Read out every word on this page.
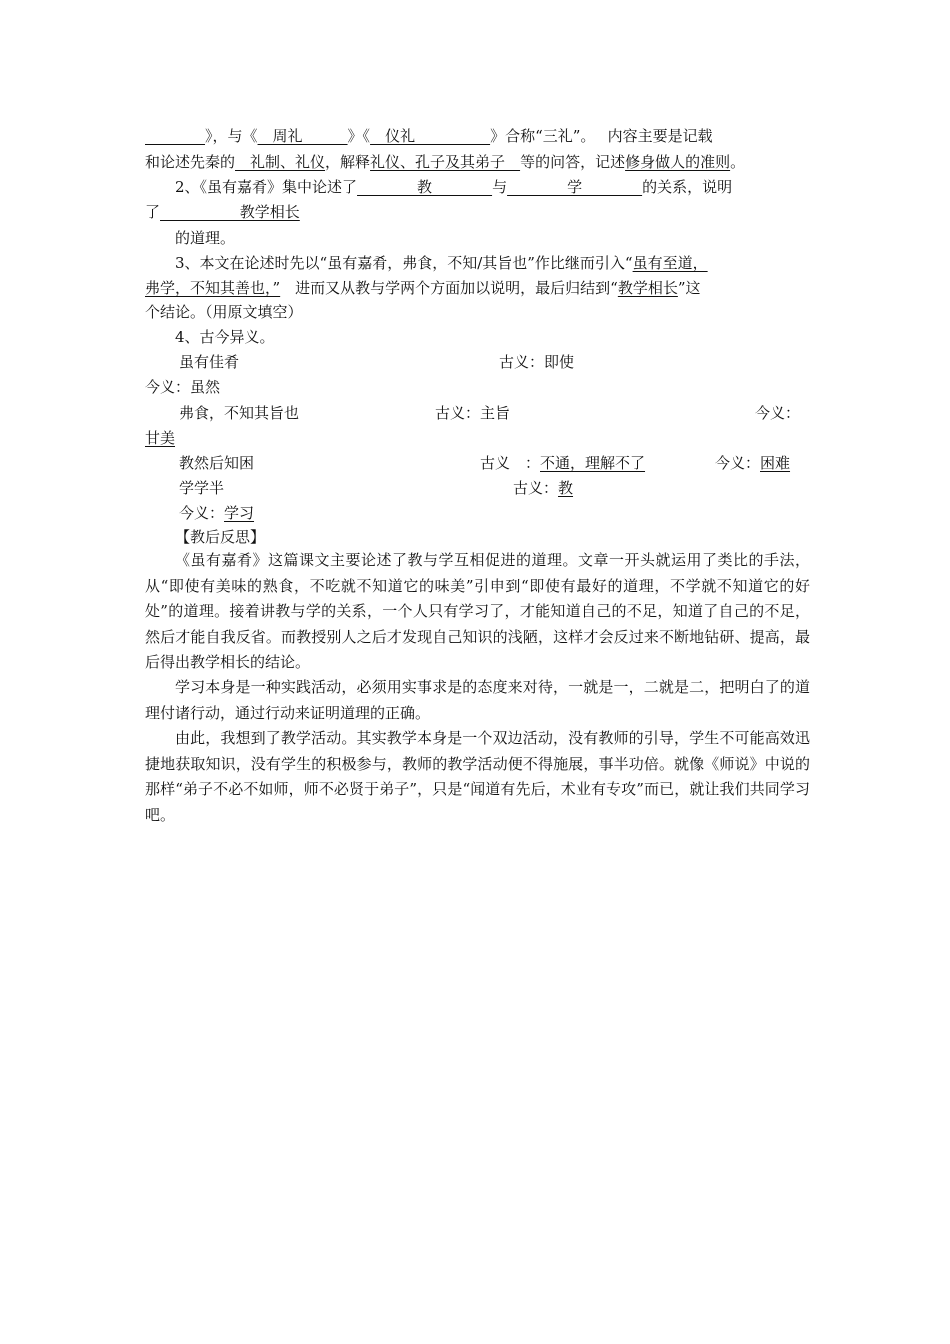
　　　　》，与《　周礼　　　》《　仪礼　　　　　》合称“三礼”。　 内容主要是记载
和论述先秦的　礼制、礼仪，解释礼仪、孔子及其弟子　等的问答，记述修身做人的准则。
2、《虽有嘉肴》集中论述了　　　　教　　　　与　　　　学　　　　的关系，说明
了　　　　　 教学相长
的道理。
3、本文在论述时先以“虽有嘉肴，弗食，不知/其旨也”作比继而引入“虽有至道，
弗学，不知其善也，”　进而又从教与学两个方面加以说明，最后归结到“教学相长”这
个结论。（用原文填空）
4、古今异义。
虽有佳肴	古义：即使
今义：虽然
弗食，不知其旨也	古义：主旨	今义：
甘美
教然后知困	古义　：不通，理解不了	今义：困难
学学半	古义：教
今义：学习
【教后反思】
《虽有嘉肴》这篇课文主要论述了教与学互相促进的道理。文章一开头就运用了类比的手法，从“即使有美味的熟食，不吃就不知道它的味美”引申到“即使有最好的道理，不学就不知道它的好处”的道理。接着讲教与学的关系，一个人只有学习了，才能知道自己的不足，知道了自己的不足，然后才能自我反省。而教授别人之后才发现自己知识的浅陋，这样才会反过来不断地钻研、提高，最后得出教学相长的结论。
学习本身是一种实践活动，必须用实事求是的态度来对待，一就是一，二就是二，把明白了的道理付诸行动，通过行动来证明道理的正确。
由此，我想到了教学活动。其实教学本身是一个双边活动，没有教师的引导，学生不可能高效迅捷地获取知识，没有学生的积极参与，教师的教学活动便不得施展，事半功倍。就像《师说》中说的那样“弟子不必不如师，师不必贤于弟子”，只是“闻道有先后，术业有专攻”而已，就让我们共同学习吧。
